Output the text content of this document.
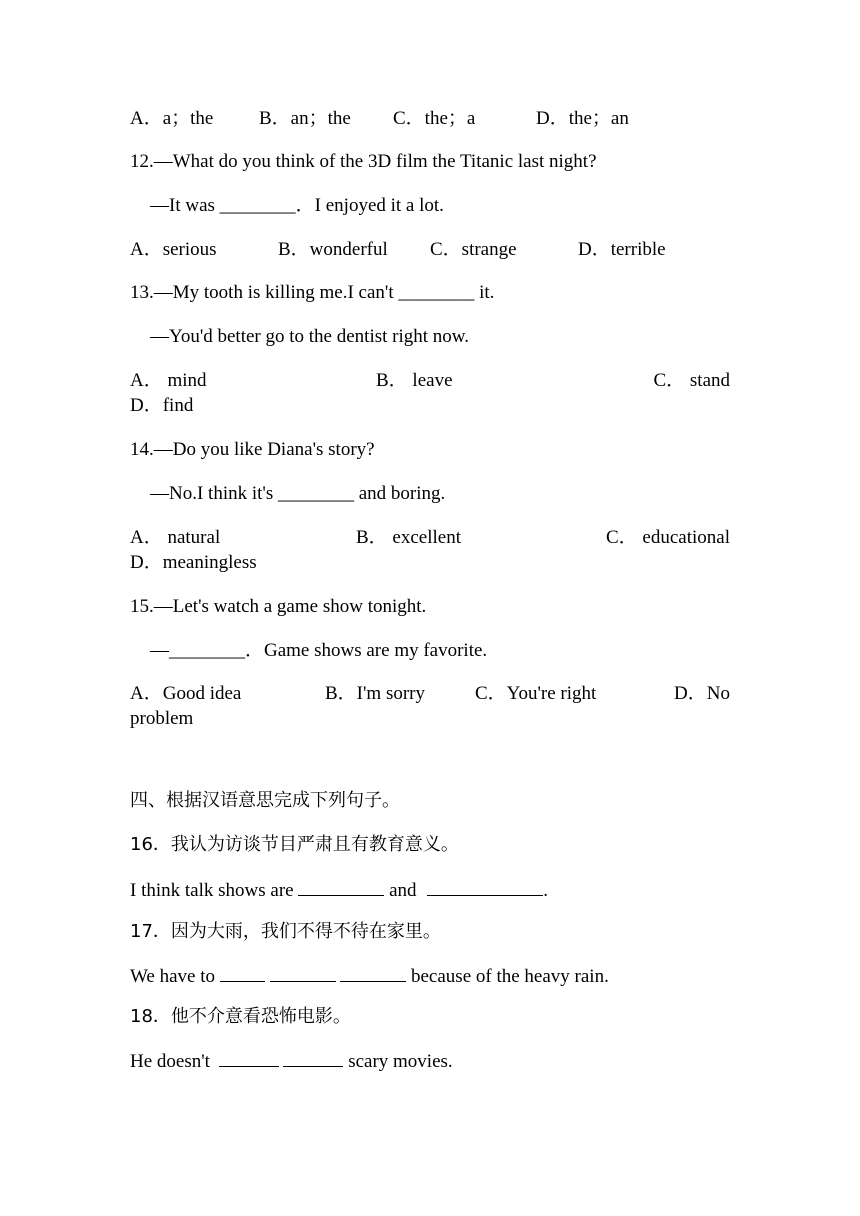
A．a；the B．an；the C．the；a	D．the；an
12.—What do you think of the 3D film the Titanic last night?
—It was ________．I enjoyed it a lot.
A．serious	B．wonderful C．strange	D．terrible
13.—My tooth is killing me.I can't ________ it.
—You'd better go to the dentist right now.
A． mind	B． leave	C． stand
D．find
14.—Do you like Diana's story?
—No.I think it's ________ and boring.
A． natural	B． excellent	C． educational
D．meaningless
15.—Let's watch a game show tonight.
—________．Game shows are my favorite.
A．Good idea	B．I'm sorry	C．You're right	D．No
problem
四、根据汉语意思完成下列句子。
16．我认为访谈节目严肃且有教育意义。
I think talk shows are	and	.
17．因为大雨，我们不得不待在家里。
We have to	because of the heavy rain.
18．他不介意看恐怖电影。
He doesn't	scary movies.
